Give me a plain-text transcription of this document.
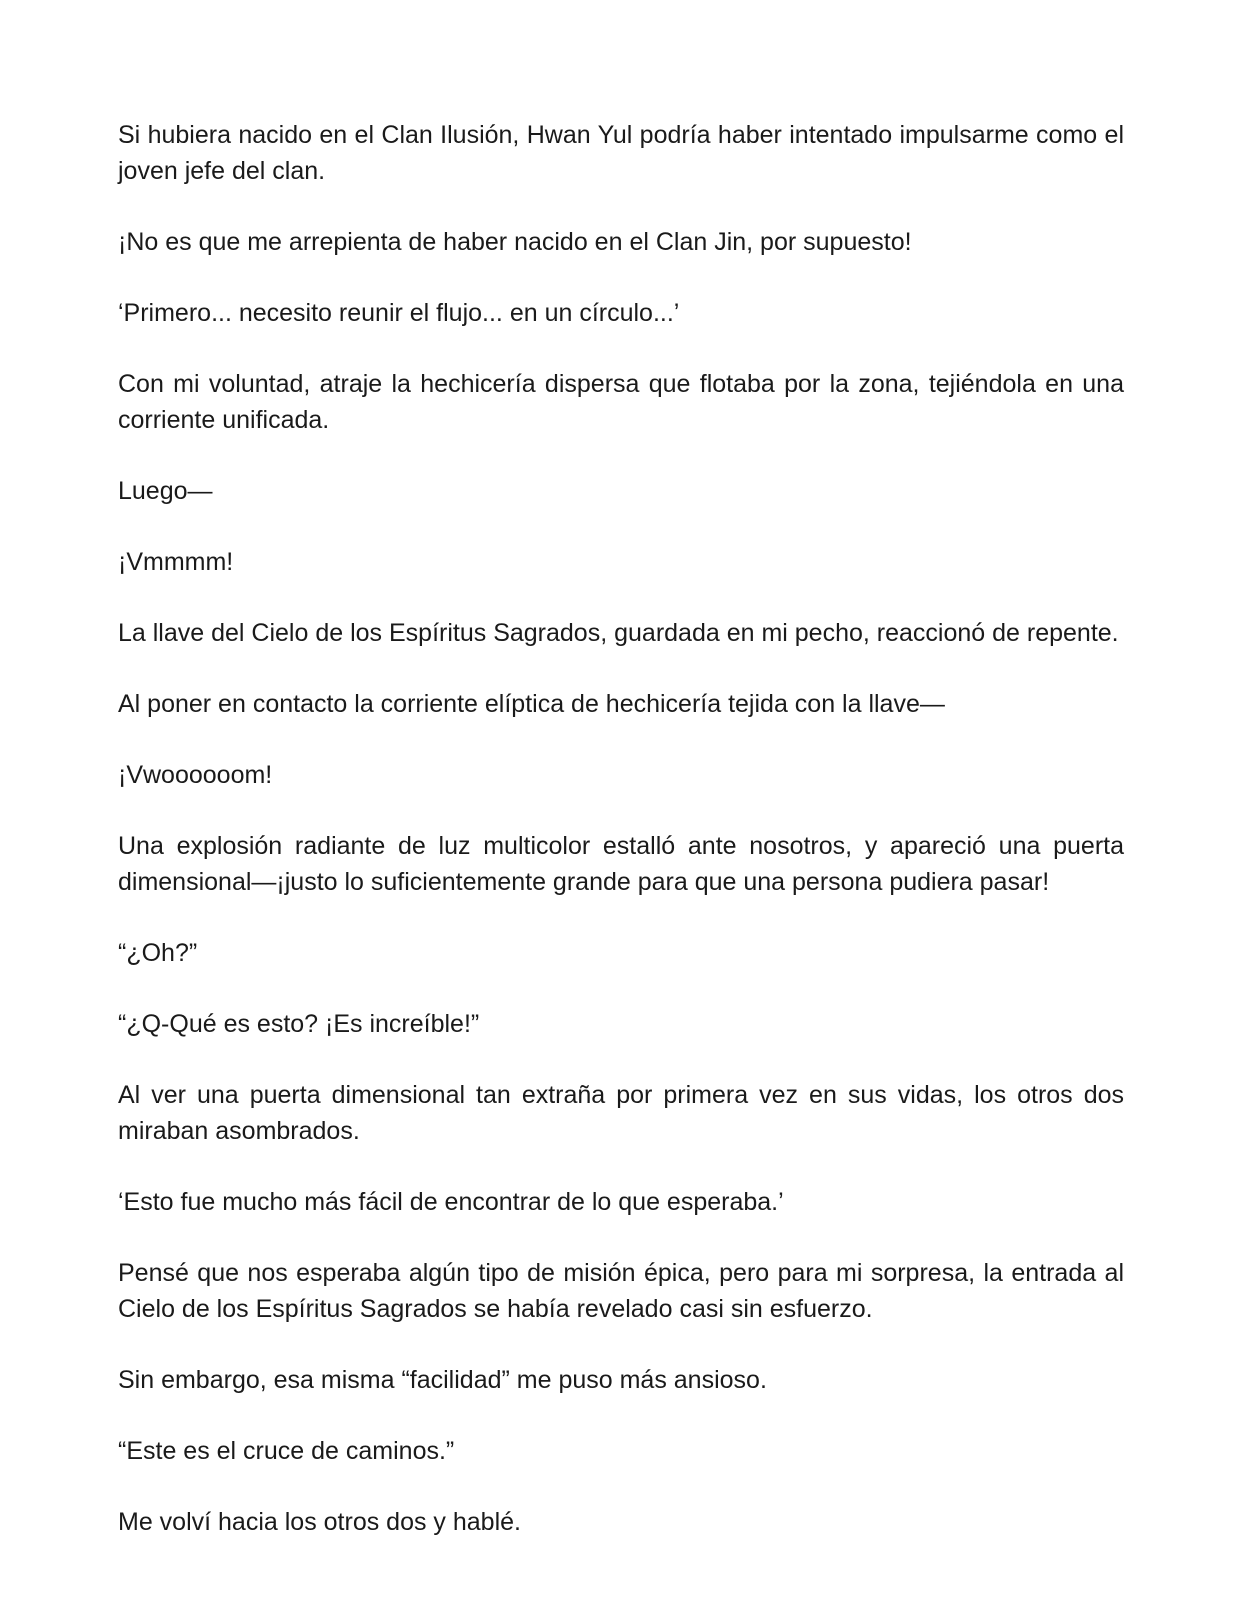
Si hubiera nacido en el Clan Ilusión, Hwan Yul podría haber intentado impulsarme como el joven jefe del clan.

¡No es que me arrepienta de haber nacido en el Clan Jin, por supuesto!

‘Primero... necesito reunir el flujo... en un círculo...’

Con mi voluntad, atraje la hechicería dispersa que flotaba por la zona, tejiéndola en una corriente unificada.

Luego—

¡Vmmmm!

La llave del Cielo de los Espíritus Sagrados, guardada en mi pecho, reaccionó de repente.

Al poner en contacto la corriente elíptica de hechicería tejida con la llave—

¡Vwoooooom!

Una explosión radiante de luz multicolor estalló ante nosotros, y apareció una puerta dimensional—¡justo lo suficientemente grande para que una persona pudiera pasar!

“¿Oh?”

“¿Q-Qué es esto? ¡Es increíble!”

Al ver una puerta dimensional tan extraña por primera vez en sus vidas, los otros dos miraban asombrados.

‘Esto fue mucho más fácil de encontrar de lo que esperaba.’

Pensé que nos esperaba algún tipo de misión épica, pero para mi sorpresa, la entrada al Cielo de los Espíritus Sagrados se había revelado casi sin esfuerzo.

Sin embargo, esa misma “facilidad” me puso más ansioso.

“Este es el cruce de caminos.”

Me volví hacia los otros dos y hablé.
